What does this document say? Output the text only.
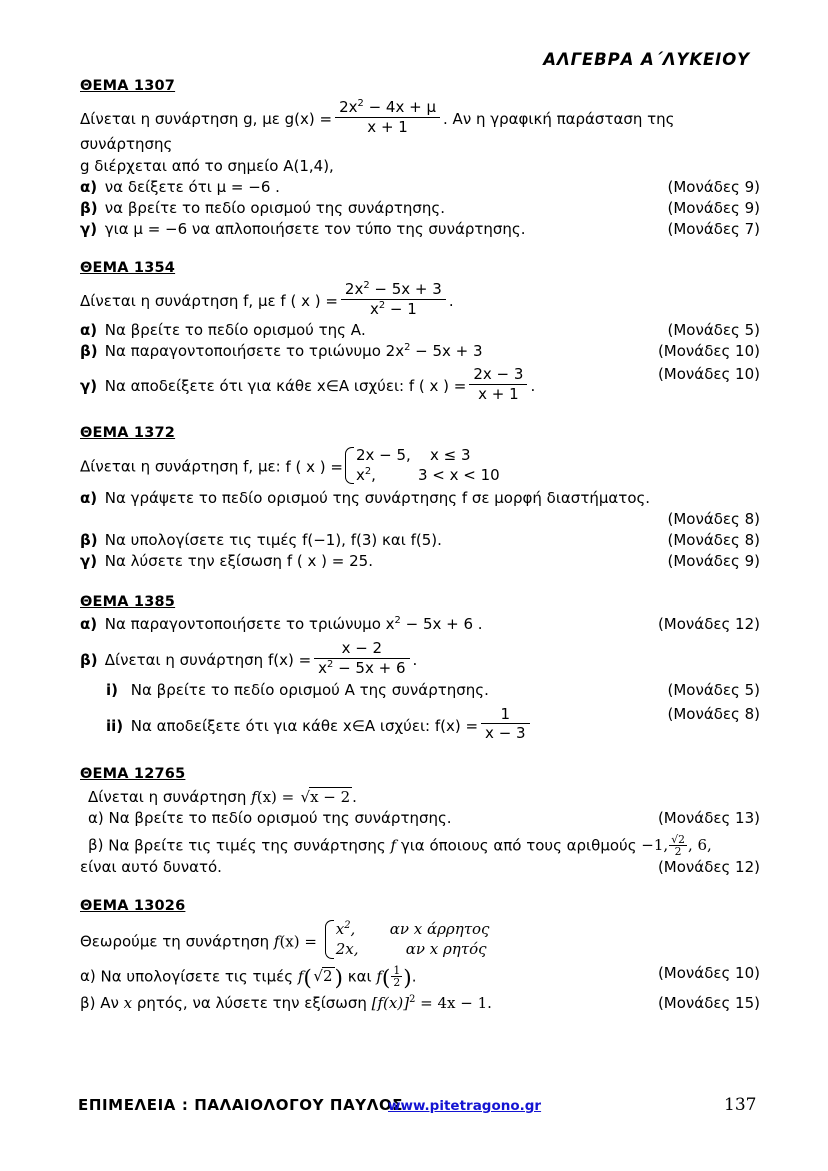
ΑΛΓΕΒΡΑ Α΄ΛΥΚΕΙΟΥ
ΘΕΜΑ 1307
Δίνεται η συνάρτηση g, με $g(x) = \frac{2x^2 - 4x + \mu}{x + 1}$ . Αν η γραφική παράσταση της συνάρτησης
g διέρχεται από το σημείο Α(1,4),
α) να δείξετε ότι μ = −6 .	(Μονάδες 9)
β) να βρείτε το πεδίο ορισμού της συνάρτησης.	(Μονάδες 9)
γ) για μ = −6 να απλοποιήσετε τον τύπο της συνάρτησης.	(Μονάδες 7)
ΘΕΜΑ 1354
Δίνεται η συνάρτηση f, με f ( x ) = $\frac{2x^2 - 5x + 3}{x^2 - 1}$ .
α) Να βρείτε το πεδίο ορισμού της Α.	(Μονάδες 5)
β) Να παραγοντοποιήσετε το τριώνυμο $2x^2 - 5x + 3$	(Μονάδες 10)
γ) Να αποδείξετε ότι για κάθε x∈Α ισχύει: f ( x ) = $\frac{2x - 3}{x + 1}$ .
(Μονάδες 10)
ΘΕΜΑ 1372
Δίνεται η συνάρτηση f, με: f ( x ) =
2x − 5, x ≤ 3
$x^2$,	3 < x < 10
α) Να γράψετε το πεδίο ορισμού της συνάρτησης f σε μορφή διαστήματος.
(Μονάδες 8)

β) Να υπολογίσετε τις τιμές f(−1), f(3) και f(5).	(Μονάδες 8)
γ) Να λύσετε την εξίσωση f ( x ) = 25.	(Μονάδες 9)
ΘΕΜΑ 1385
α) Να παραγοντοποιήσετε το τριώνυμο $x^2 - 5x + 6$ .	(Μονάδες 12)
β) Δίνεται η συνάρτηση $f(x) = \frac{x - 2}{x^2 - 5x + 6}$ .
i) Να βρείτε το πεδίο ορισμού Α της συνάρτησης.	(Μονάδες 5)
ii) Να αποδείξετε ότι για κάθε x∈Α ισχύει: $f(x) = \frac{1}{x - 3}$	(Μονάδες 8)
ΘΕΜΑ 12765
Δίνεται η συνάρτηση f(x) = √x − 2 .
α) Να βρείτε το πεδίο ορισμού της συνάρτησης.	(Μονάδες 13)
β) Να βρείτε τις τιμές της συνάρτησης f για όποιους από τους αριθμούς −1, $\frac{√2}{2}$ , 6,
είναι αυτό δυνατό.	(Μονάδες 12)
ΘΕΜΑ 13026
Θεωρούμε τη συνάρτηση f(x) =
$x^2$, αν x άρρητος
2x,	αν x ρητός
α) Να υπολογίσετε τις τιμές f( √2) και $f( \frac{1}{2}$ ).	(Μονάδες 10)
β) Αν x ρητός, να λύσετε την εξίσωση $[f(x)]^2 = 4x - 1$.	(Μονάδες 15)
ΕΠΙΜΕΛΕΙΑ : ΠΑΛΑΙΟΛΟΓΟΥ ΠΑΥΛΟΣ
www.pitetragono.gr	137
